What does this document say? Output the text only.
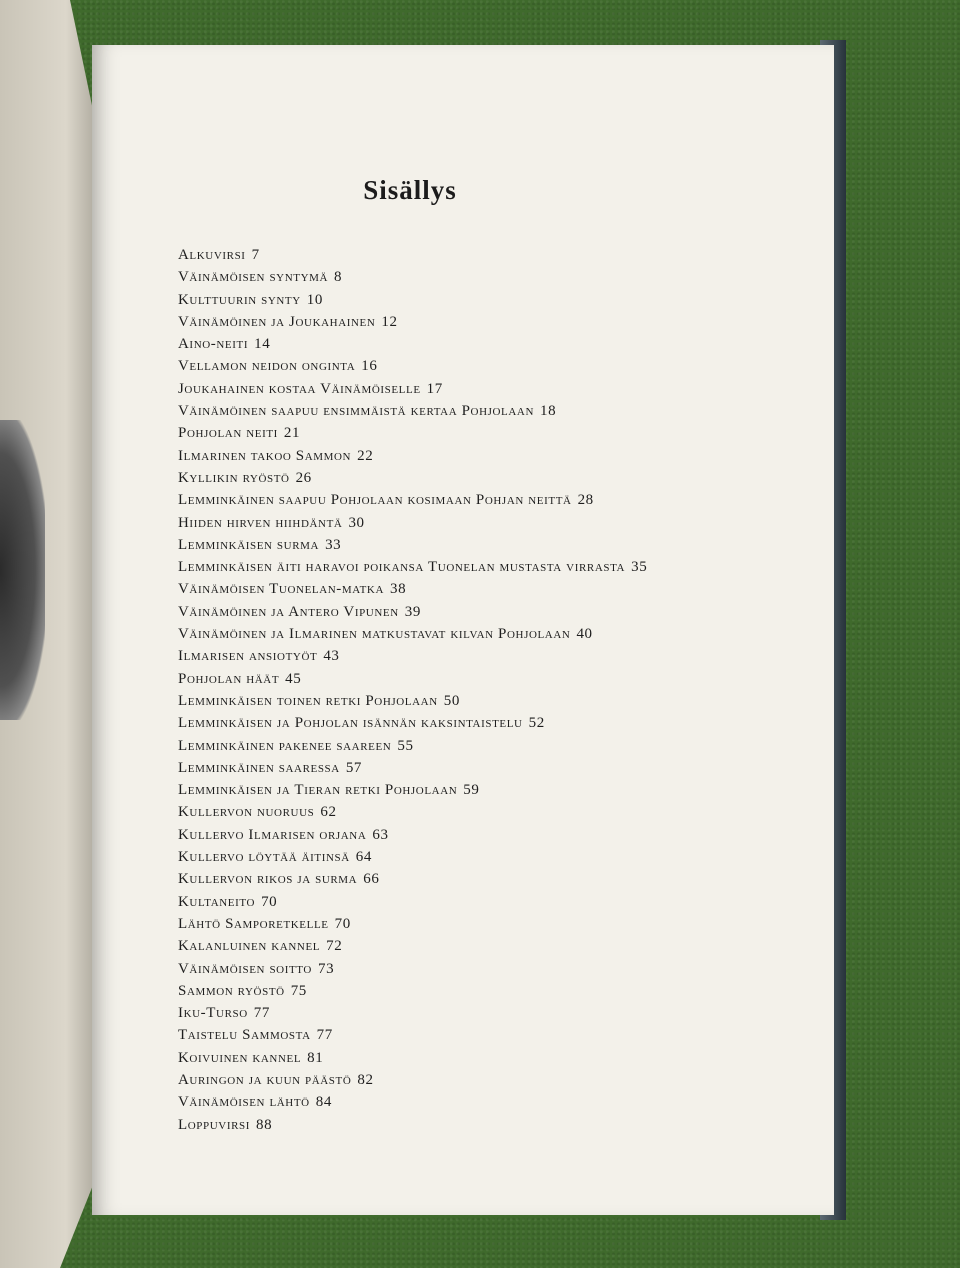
Sisällys
Alkuvirsi 7
Väinämöisen syntymä 8
Kulttuurin synty 10
Väinämöinen ja Joukahainen 12
Aino-neiti 14
Vellamon neidon onginta 16
Joukahainen kostaa Väinämöiselle 17
Väinämöinen saapuu ensimmäistä kertaa Pohjolaan 18
Pohjolan neiti 21
Ilmarinen takoo Sammon 22
Kyllikin ryöstö 26
Lemminkäinen saapuu Pohjolaan kosimaan Pohjan neittä 28
Hiiden hirven hiihdäntä 30
Lemminkäisen surma 33
Lemminkäisen äiti haravoi poikansa Tuonelan mustasta virrasta 35
Väinämöisen Tuonelan-matka 38
Väinämöinen ja Antero Vipunen 39
Väinämöinen ja Ilmarinen matkustavat kilvan Pohjolaan 40
Ilmarisen ansiotyöt 43
Pohjolan häät 45
Lemminkäisen toinen retki Pohjolaan 50
Lemminkäisen ja Pohjolan isännän kaksintaistelu 52
Lemminkäinen pakenee saareen 55
Lemminkäinen saaressa 57
Lemminkäisen ja Tieran retki Pohjolaan 59
Kullervon nuoruus 62
Kullervo Ilmarisen orjana 63
Kullervo löytää äitinsä 64
Kullervon rikos ja surma 66
Kultaneito 70
Lähtö Samporetkelle 70
Kalanluinen kannel 72
Väinämöisen soitto 73
Sammon ryöstö 75
Iku-Turso 77
Taistelu Sammosta 77
Koivuinen kannel 81
Auringon ja kuun päästö 82
Väinämöisen lähtö 84
Loppuvirsi 88
